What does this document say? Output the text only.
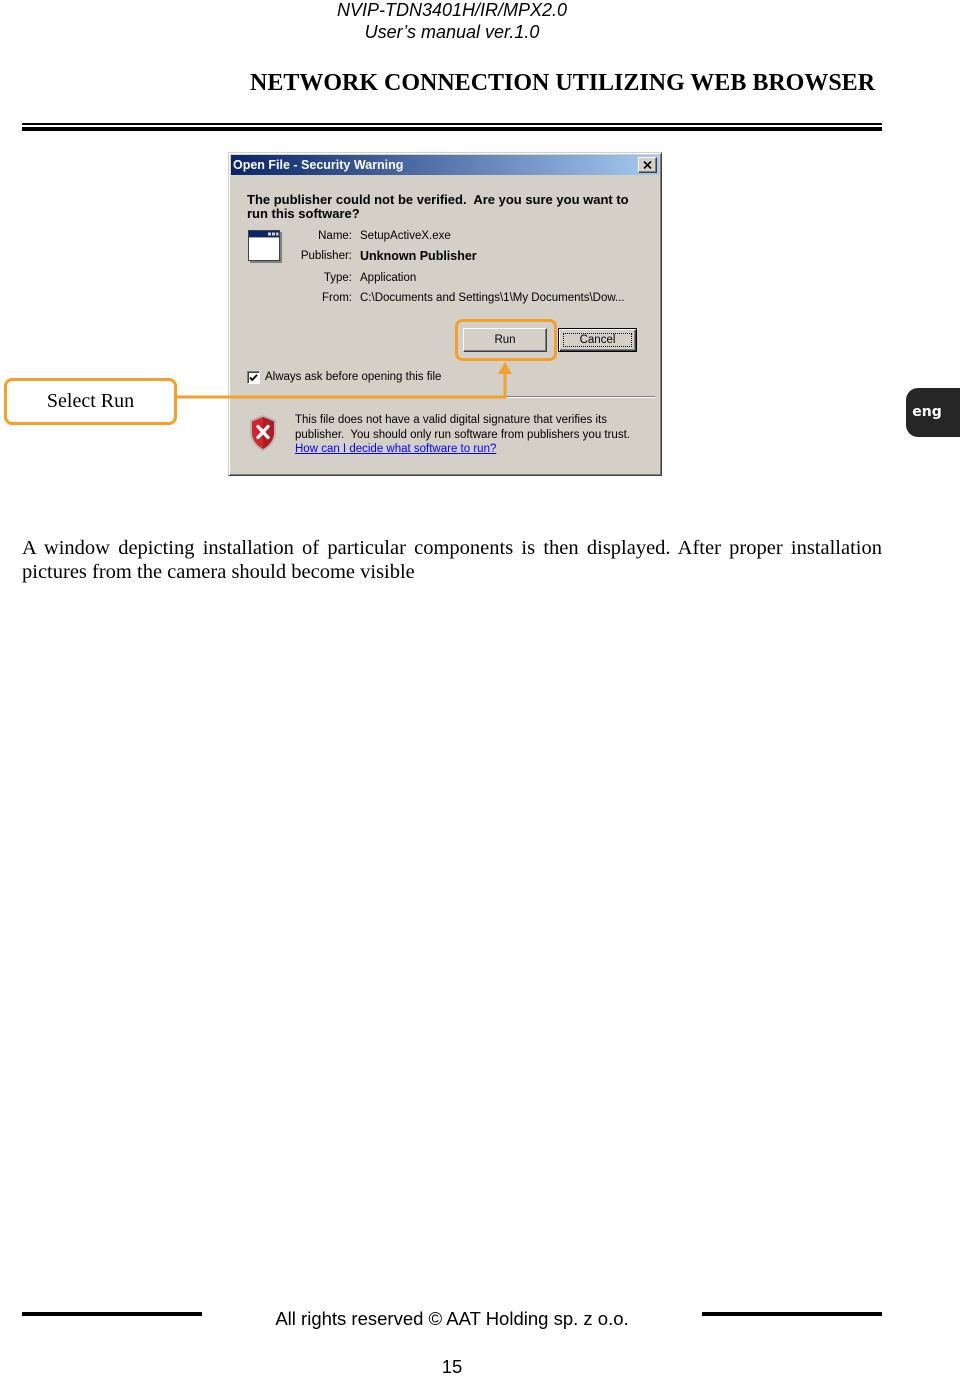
NVIP-TDN3401H/IR/MPX2.0
User’s manual ver.1.0
NETWORK CONNECTION UTILIZING WEB BROWSER
Open File - Security Warning
The publisher could not be verified.  Are you sure you want to run this software?
Name: SetupActiveX.exe
Publisher: Unknown Publisher
Type: Application
From: C:\Documents and Settings\1\My Documents\Dow...
Run	Cancel
Always ask before opening this file
This file does not have a valid digital signature that verifies its publisher.  You should only run software from publishers you trust.
How can I decide what software to run?
Select Run	eng

A window depicting installation of particular components is then displayed. After proper installation pictures from the camera should become visible

All rights reserved © AAT Holding sp. z o.o.
15
